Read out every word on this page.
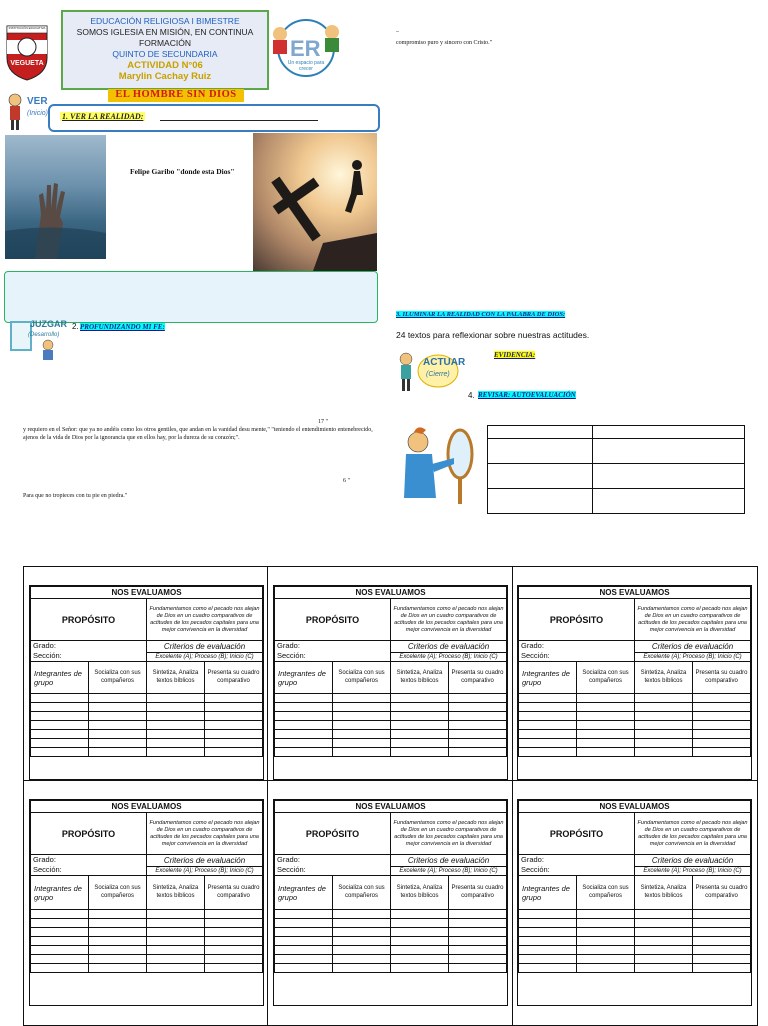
INSTITUCIÓN EDUCATIVA
VEGUETA
EDUCACIÓN RELIGIOSA I BIMESTRE
SOMOS IGLESIA EN MISIÓN, EN CONTINUA
FORMACIÓN
QUINTO DE SECUNDARIA
ACTIVIDAD N°06
Marylin Cachay Ruiz
ER
Un espacio para crecer
EL HOMBRE SIN DIOS
VER
(Inicio) 1. VER LA REALIDAD:
Felipe Garibo "donde esta Dios"
JUZGAR
(Desarrollo)
2. PROFUNDIZANDO MI FE:
17 "
y requiero en el Señor: que ya no andéis como los otros gentiles, que andan en la vanidad desu mente," "teniendo el entendimiento entenebrecido, ajenos de la vida de Dios por la ignorancia que en ellos hay, por la dureza de su corazón;".
6 "
Para que no tropieces con tu pie en piedra."
–
compromiso puro y sincero con Cristo."
3. ILUMINAR LA REALIDAD CON LA PALABRA DE DIOS:
24 textos para reflexionar sobre nuestras actitudes.
ACTUAR
(Cierre)
EVIDENCIA:
4. REVISAR: AUTOEVALUACIÓN

NOS EVALUAMOS			
PROPÓSITO		Fundamentamos como el pecado nos alejan de Dios en un cuadro comparativos de actitudes de los pecados capitales para una mejor convivencia en la diversidad	

Grado:
Sección:		Criterios de evaluación	
		Excelente (A); Proceso (B); Inicio (C)	
Integrantes de grupo	Socializa con sus compañeros	Sintetiza, Analiza textos bíblicos	Presenta su cuadro comparativo

NOS EVALUAMOS			
PROPÓSITO		Fundamentamos como el pecado nos alejan de Dios en un cuadro comparativos de actitudes de los pecados capitales para una mejor convivencia en la diversidad	

Grado:
Sección:		Criterios de evaluación	
		Excelente (A); Proceso (B); Inicio (C)	
Integrantes de grupo	Socializa con sus compañeros	Sintetiza, Analiza textos bíblicos	Presenta su cuadro comparativo

NOS EVALUAMOS			
PROPÓSITO		Fundamentamos como el pecado nos alejan de Dios en un cuadro comparativos de actitudes de los pecados capitales para una mejor convivencia en la diversidad	

Grado:
Sección:		Criterios de evaluación	
		Excelente (A); Proceso (B); Inicio (C)	
Integrantes de grupo	Socializa con sus compañeros	Sintetiza, Analiza textos bíblicos	Presenta su cuadro comparativo

NOS EVALUAMOS			
PROPÓSITO		Fundamentamos como el pecado nos alejan de Dios en un cuadro comparativos de actitudes de los pecados capitales para una mejor convivencia en la diversidad	

Grado:
Sección:		Criterios de evaluación	
		Excelente (A); Proceso (B); Inicio (C)	
Integrantes de grupo	Socializa con sus compañeros	Sintetiza, Analiza textos bíblicos	Presenta su cuadro comparativo

NOS EVALUAMOS			
PROPÓSITO		Fundamentamos como el pecado nos alejan de Dios en un cuadro comparativos de actitudes de los pecados capitales para una mejor convivencia en la diversidad	

Grado:
Sección:		Criterios de evaluación	
		Excelente (A); Proceso (B); Inicio (C)	
Integrantes de grupo	Socializa con sus compañeros	Sintetiza, Analiza textos bíblicos	Presenta su cuadro comparativo

NOS EVALUAMOS			
PROPÓSITO		Fundamentamos como el pecado nos alejan de Dios en un cuadro comparativos de actitudes de los pecados capitales para una mejor convivencia en la diversidad	

Grado:
Sección:		Criterios de evaluación	
		Excelente (A); Proceso (B); Inicio (C)	
Integrantes de grupo	Socializa con sus compañeros	Sintetiza, Analiza textos bíblicos	Presenta su cuadro comparativo
